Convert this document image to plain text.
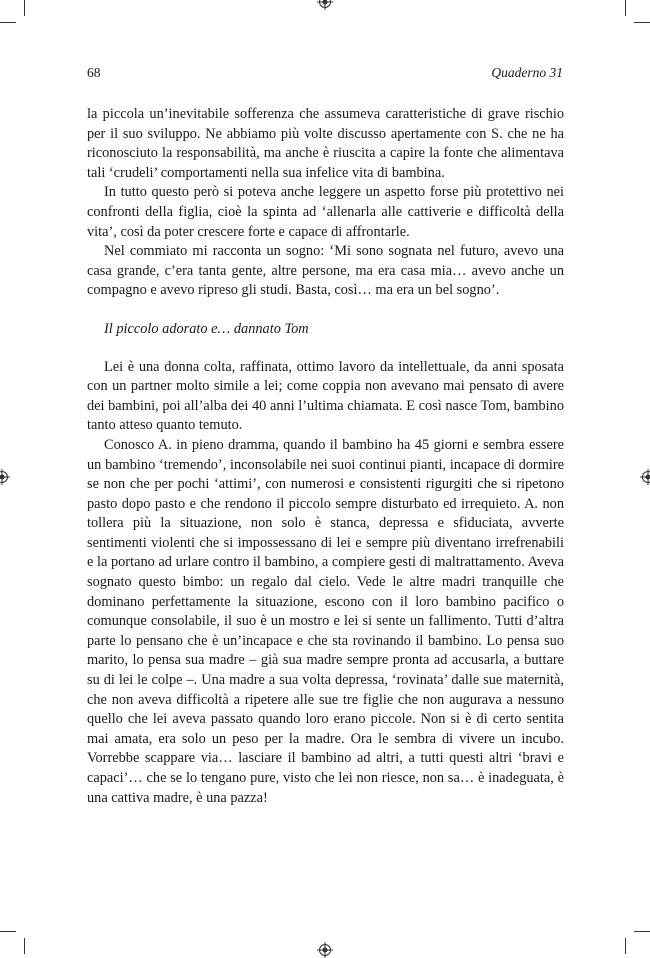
68	Quaderno 31

la piccola un’inevitabile sofferenza che assumeva caratteristiche di grave rischio per il suo sviluppo. Ne abbiamo più volte discusso apertamente con S. che ne ha riconosciuto la responsabilità, ma anche è riuscita a capire la fonte che alimentava tali ‘crudeli’ comportamenti nella sua infelice vita di bambina.

In tutto questo però si poteva anche leggere un aspetto forse più protettivo nei confronti della figlia, cioè la spinta ad ‘allenarla alle cattiverie e difficoltà della vita’, così da poter crescere forte e capace di affrontarle.

Nel commiato mi racconta un sogno: ‘Mi sono sognata nel futuro, avevo una casa grande, c’era tanta gente, altre persone, ma era casa mia… avevo anche un compagno e avevo ripreso gli studi. Basta, così… ma era un bel sogno’.

Il piccolo adorato e… dannato Tom

Lei è una donna colta, raffinata, ottimo lavoro da intellettuale, da anni sposata con un partner molto simile a lei; come coppia non avevano mai pensato di avere dei bambini, poi all’alba dei 40 anni l’ultima chiamata. E così nasce Tom, bambino tanto atteso quanto temuto.

Conosco A. in pieno dramma, quando il bambino ha 45 giorni e sembra essere un bambino ‘tremendo’, inconsolabile nei suoi continui pianti, incapace di dormire se non che per pochi ‘attimi’, con numerosi e consistenti rigurgiti che si ripetono pasto dopo pasto e che rendono il piccolo sempre disturbato ed irrequieto. A. non tollera più la situazione, non solo è stanca, depressa e sfiduciata, avverte sentimenti violenti che si impossessano di lei e sempre più diventano irrefrenabili e la portano ad urlare contro il bambino, a compiere gesti di maltrattamento. Aveva sognato questo bimbo: un regalo dal cielo. Vede le altre madri tranquille che dominano perfettamente la situazione, escono con il loro bambino pacifico o comunque consolabile, il suo è un mostro e lei si sente un fallimento. Tutti d’altra parte lo pensano che è un’incapace e che sta rovinando il bambino. Lo pensa suo marito, lo pensa sua madre – già sua madre sempre pronta ad accusarla, a buttare su di lei le colpe –. Una madre a sua volta depressa, ‘rovinata’ dalle sue maternità, che non aveva difficoltà a ripetere alle sue tre figlie che non augurava a nessuno quello che lei aveva passato quando loro erano piccole. Non si è di certo sentita mai amata, era solo un peso per la madre. Ora le sembra di vivere un incubo. Vorrebbe scappare via… lasciare il bambino ad altri, a tutti questi altri ‘bravi e capaci’… che se lo tengano pure, visto che lei non riesce, non sa… è inadeguata, è una cattiva madre, è una pazza!
